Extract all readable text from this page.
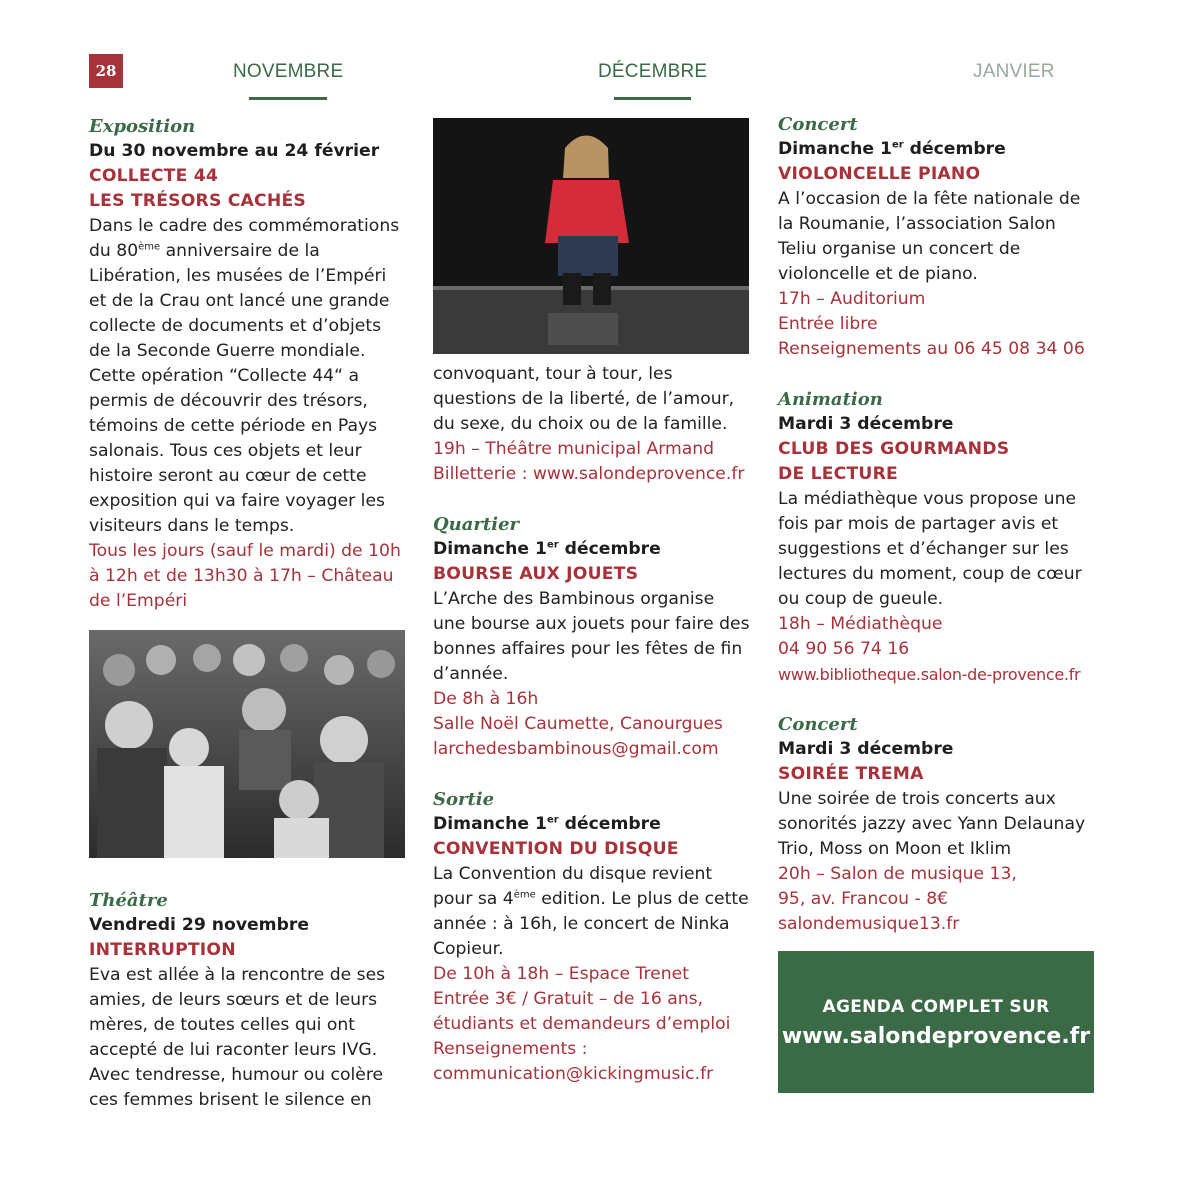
28	NOVEMBRE	DÉCEMBRE	JANVIER
Exposition
Du 30 novembre au 24 février
COLLECTE 44
LES TRÉSORS CACHÉS
Dans le cadre des commémorations du 80ème anniversaire de la Libération, les musées de l’Empéri et de la Crau ont lancé une grande collecte de documents et d’objets de la Seconde Guerre mondiale. Cette opération “Collecte 44“ a permis de découvrir des trésors, témoins de cette période en Pays salonais. Tous ces objets et leur histoire seront au cœur de cette exposition qui va faire voyager les visiteurs dans le temps.
Tous les jours (sauf le mardi) de 10h à 12h et de 13h30 à 17h – Château de l’Empéri
Théâtre
Vendredi 29 novembre
INTERRUPTION
Eva est allée à la rencontre de ses amies, de leurs sœurs et de leurs mères, de toutes celles qui ont accepté de lui raconter leurs IVG. Avec tendresse, humour ou colère ces femmes brisent le silence en
convoquant, tour à tour, les questions de la liberté, de l’amour, du sexe, du choix ou de la famille.
19h – Théâtre municipal Armand
Billetterie : www.salondeprovence.fr
Quartier
Dimanche 1er décembre
BOURSE AUX JOUETS
L’Arche des Bambinous organise une bourse aux jouets pour faire des bonnes affaires pour les fêtes de fin d’année.
De 8h à 16h
Salle Noël Caumette, Canourgues
larchedesbambinous@gmail.com
Sortie
Dimanche 1er décembre
CONVENTION DU DISQUE
La Convention du disque revient pour sa 4ème edition. Le plus de cette année : à 16h, le concert de Ninka Copieur.
De 10h à 18h – Espace Trenet
Entrée 3€ / Gratuit – de 16 ans, étudiants et demandeurs d’emploi
Renseignements :
communication@kickingmusic.fr
Concert
Dimanche 1er décembre
VIOLONCELLE PIANO
A l’occasion de la fête nationale de la Roumanie, l’association Salon Teliu organise un concert de violoncelle et de piano.
17h – Auditorium
Entrée libre
Renseignements au 06 45 08 34 06
Animation
Mardi 3 décembre
CLUB DES GOURMANDS
DE LECTURE
La médiathèque vous propose une fois par mois de partager avis et suggestions et d’échanger sur les lectures du moment, coup de cœur ou coup de gueule.
18h – Médiathèque
04 90 56 74 16
www.bibliotheque.salon-de-provence.fr
Concert
Mardi 3 décembre
SOIRÉE TREMA
Une soirée de trois concerts aux sonorités jazzy avec Yann Delaunay Trio, Moss on Moon et Iklim
20h – Salon de musique 13,
95, av. Francou - 8€
salondemusique13.fr
AGENDA COMPLET SUR
www.salondeprovence.fr
